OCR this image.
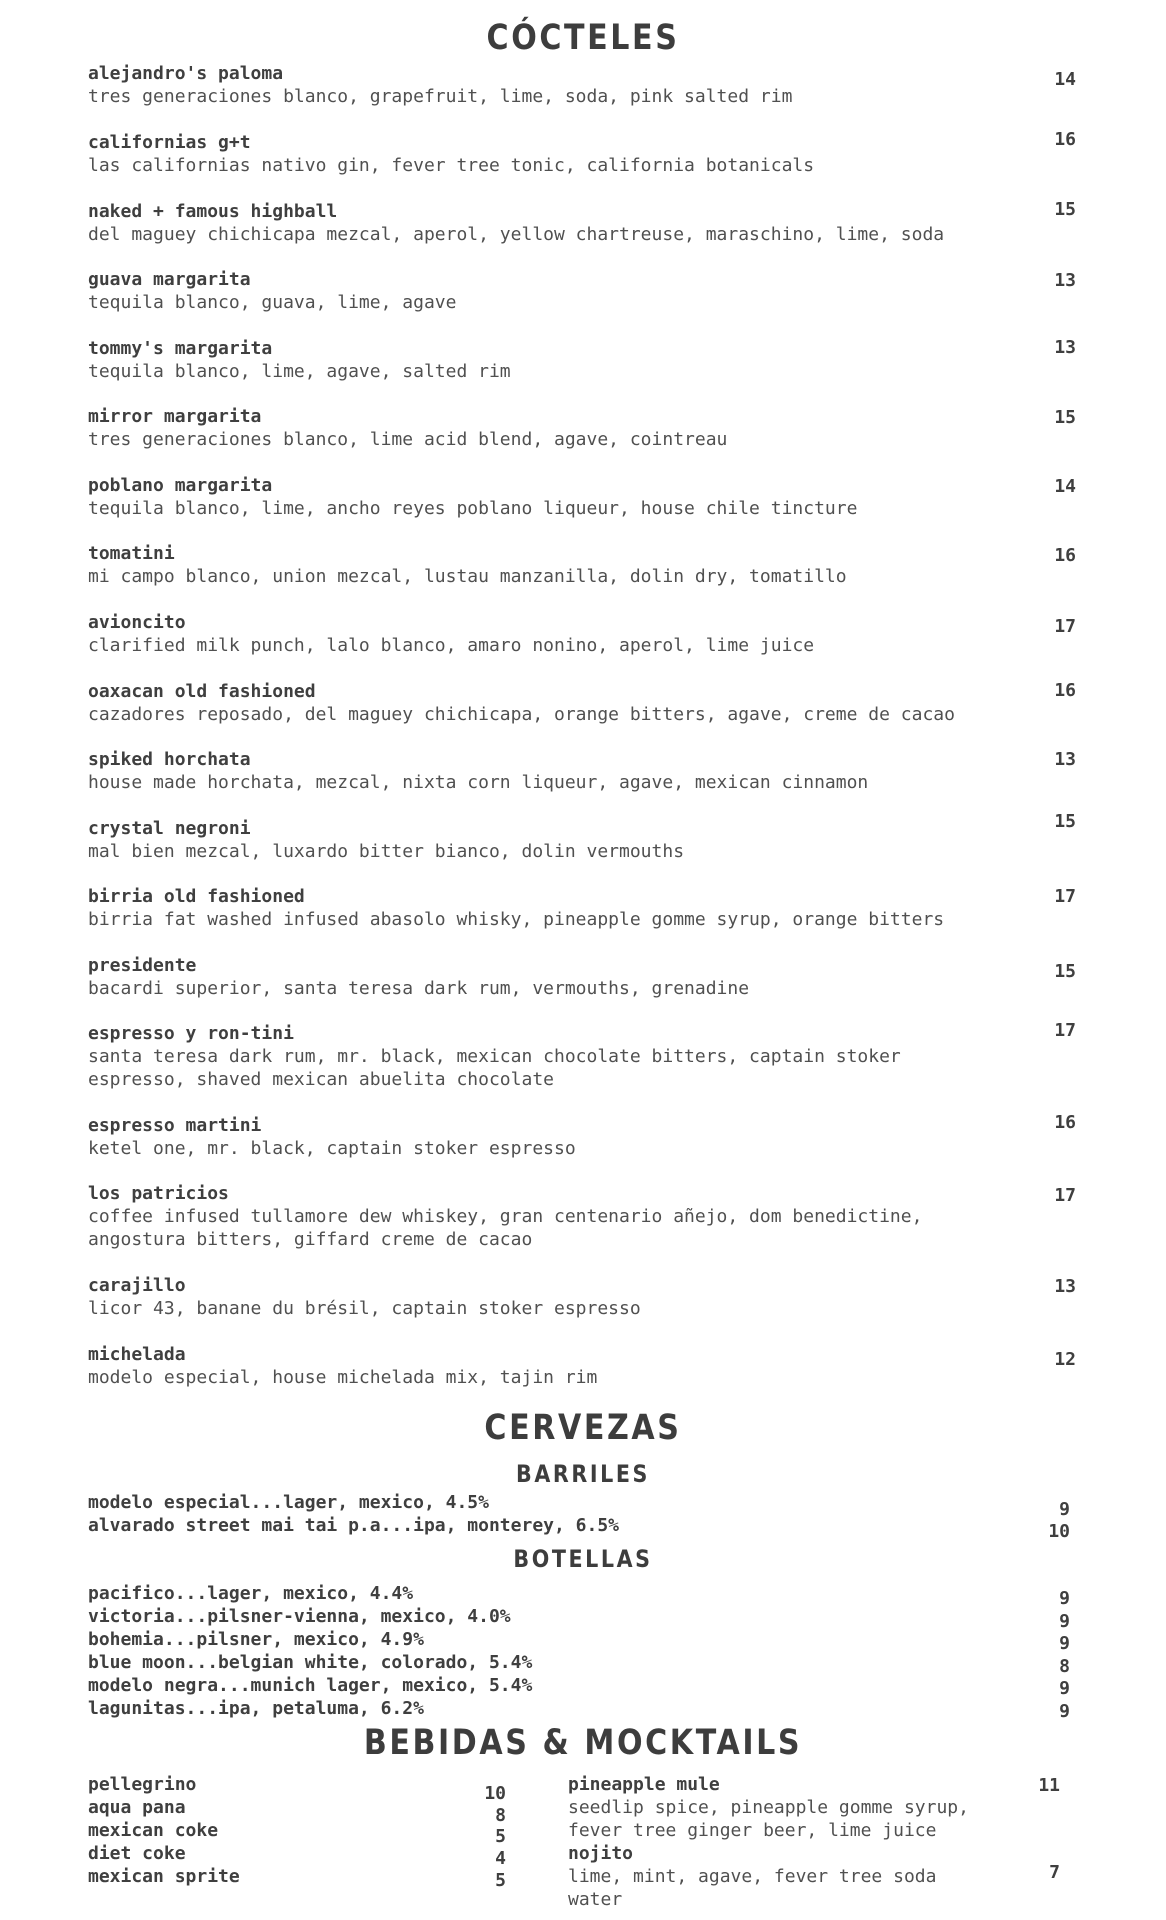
CÓCTELES
alejandro's paloma
tres generaciones blanco, grapefruit, lime, soda, pink salted rim
14
californias g+t
las californias nativo gin, fever tree tonic, california botanicals
16
naked + famous highball
del maguey chichicapa mezcal, aperol, yellow chartreuse, maraschino, lime, soda
15
guava margarita
tequila blanco, guava, lime, agave
13
tommy's margarita
tequila blanco, lime, agave, salted rim
13
mirror margarita
tres generaciones blanco, lime acid blend, agave, cointreau
15
poblano margarita
tequila blanco, lime, ancho reyes poblano liqueur, house chile tincture
14
tomatini
mi campo blanco, union mezcal, lustau manzanilla, dolin dry, tomatillo
16
avioncito
clarified milk punch, lalo blanco, amaro nonino, aperol, lime juice
17
oaxacan old fashioned
cazadores reposado, del maguey chichicapa, orange bitters, agave, creme de cacao
16
spiked horchata
house made horchata, mezcal, nixta corn liqueur, agave, mexican cinnamon
13
crystal negroni
mal bien mezcal, luxardo bitter bianco, dolin vermouths
15
birria old fashioned
birria fat washed infused abasolo whisky, pineapple gomme syrup, orange bitters
17
presidente
bacardi superior, santa teresa dark rum, vermouths, grenadine
15
espresso y ron-tini
santa teresa dark rum, mr. black, mexican chocolate bitters, captain stoker
espresso, shaved mexican abuelita chocolate
17
espresso martini
ketel one, mr. black, captain stoker espresso
16
los patricios
coffee infused tullamore dew whiskey, gran centenario añejo, dom benedictine,
angostura bitters, giffard creme de cacao
17
carajillo
licor 43, banane du brésil, captain stoker espresso
13
michelada
modelo especial, house michelada mix, tajin rim
12
CERVEZAS
BARRILES
modelo especial...lager, mexico, 4.5%	9
alvarado street mai tai p.a...ipa, monterey, 6.5%	10
BOTELLAS
pacifico...lager, mexico, 4.4%	9
victoria...pilsner-vienna, mexico, 4.0%	9
bohemia...pilsner, mexico, 4.9%	9
blue moon...belgian white, colorado, 5.4%	8
modelo negra...munich lager, mexico, 5.4%	9
lagunitas...ipa, petaluma, 6.2%	9
BEBIDAS & MOCKTAILS
pellegrino	10
aqua pana	8
mexican coke	5
diet coke	4
mexican sprite	5
pineapple mule
seedlip spice, pineapple gomme syrup,
fever tree ginger beer, lime juice
11
nojito
lime, mint, agave, fever tree soda
water
7
